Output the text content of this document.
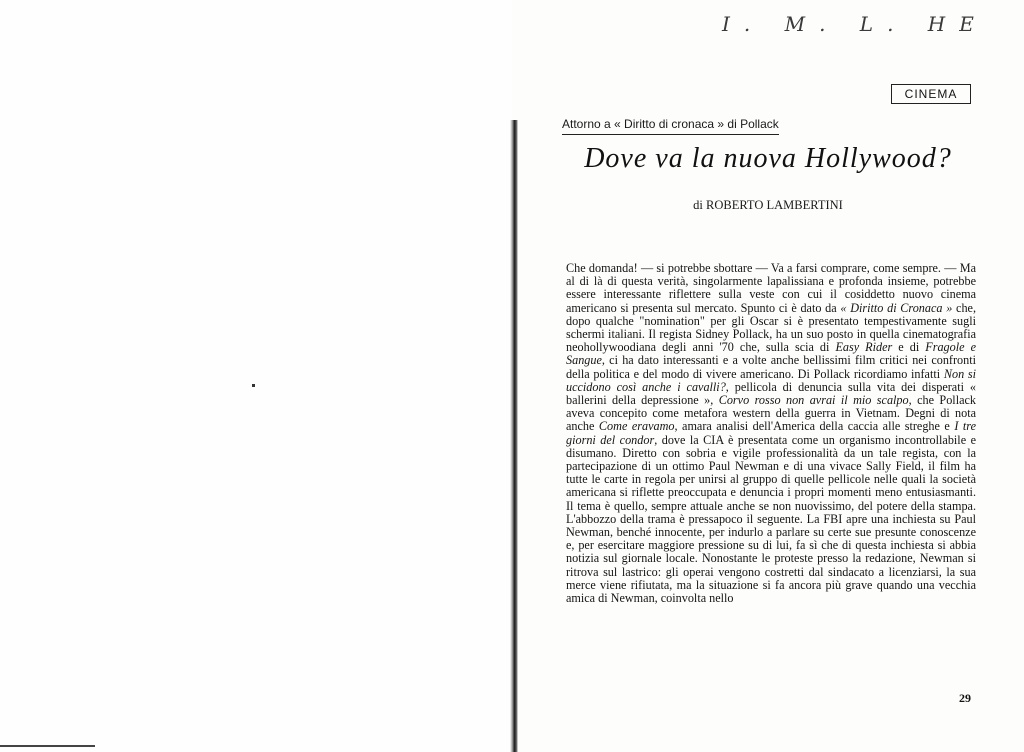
I. M. L. HE
CINEMA
Attorno a « Diritto di cronaca » di Pollack
Dove va la nuova Hollywood?
di ROBERTO LAMBERTINI

Che domanda! — si potrebbe sbottare — Va a farsi comprare, come sempre. — Ma al di là di questa verità, singolarmente lapalissiana e profonda insieme, potrebbe essere interessante riflettere sulla veste con cui il cosiddetto nuovo cinema americano si presenta sul mercato. Spunto ci è dato da « Diritto di Cronaca » che, dopo qualche "nomination" per gli Oscar si è presentato tempestivamente sugli schermi italiani. Il regista Sidney Pollack, ha un suo posto in quella cinematografia neohollywoodiana degli anni '70 che, sulla scia di Easy Rider e di Fragole e Sangue, ci ha dato interessanti e a volte anche bellissimi film critici nei confronti della politica e del modo di vivere americano. Di Pollack ricordiamo infatti Non si uccidono così anche i cavalli?, pellicola di denuncia sulla vita dei disperati « ballerini della depressione », Corvo rosso non avrai il mio scalpo, che Pollack aveva concepito come metafora western della guerra in Vietnam. Degni di nota anche Come eravamo, amara analisi dell'America della caccia alle streghe e I tre giorni del condor, dove la CIA è presentata come un organismo incontrollabile e disumano. Diretto con sobria e vigile professionalità da un tale regista, con la partecipazione di un ottimo Paul Newman e di una vivace Sally Field, il film ha tutte le carte in regola per unirsi al gruppo di quelle pellicole nelle quali la società americana si riflette preoccupata e denuncia i propri momenti meno entusiasmanti. Il tema è quello, sempre attuale anche se non nuovissimo, del potere della stampa. L'abbozzo della trama è pressapoco il seguente. La FBI apre una inchiesta su Paul Newman, benché innocente, per indurlo a parlare su certe sue presunte conoscenze e, per esercitare maggiore pressione su di lui, fa sì che di questa inchiesta si abbia notizia sul giornale locale. Nonostante le proteste presso la redazione, Newman si ritrova sul lastrico: gli operai vengono costretti dal sindacato a licenziarsi, la sua merce viene rifiutata, ma la situazione si fa ancora più grave quando una vecchia amica di Newman, coinvolta nello

29
